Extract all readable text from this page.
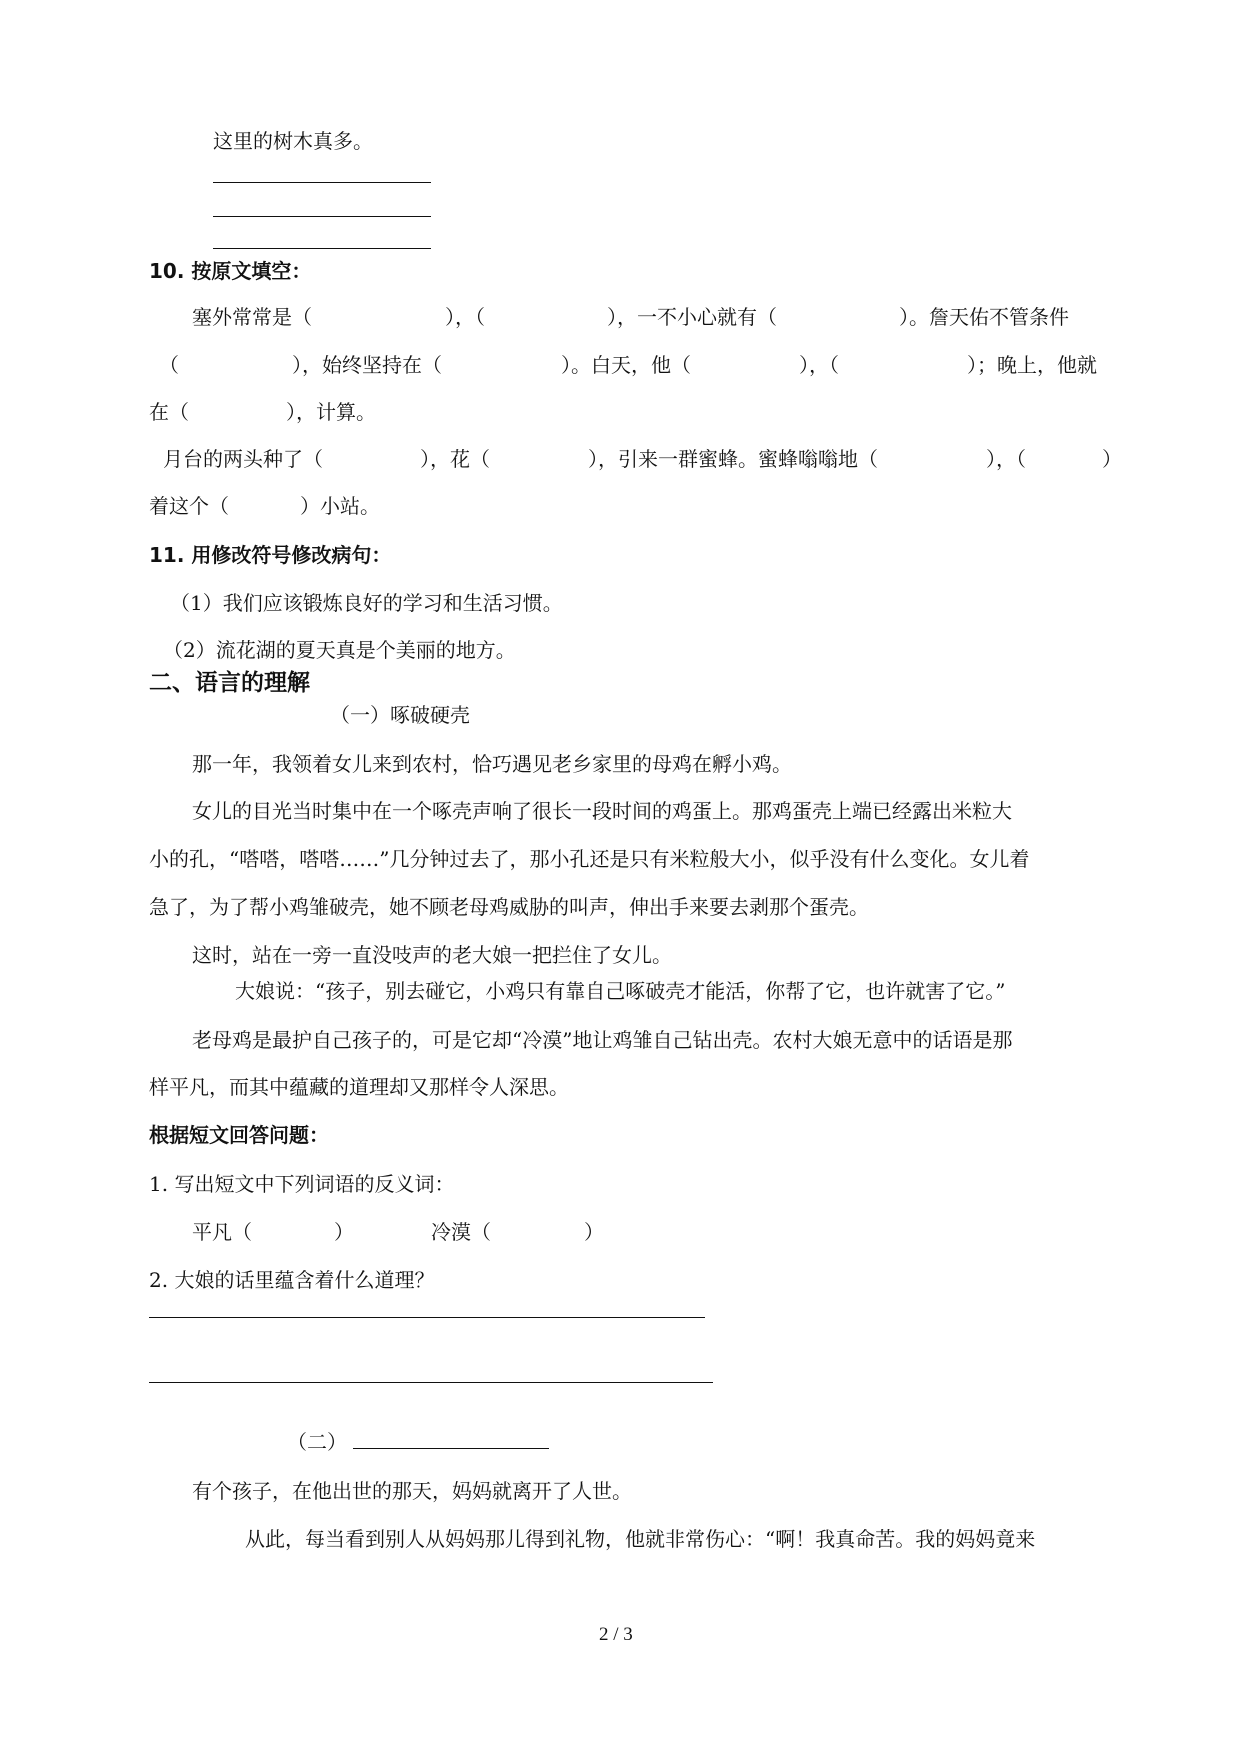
这里的树木真多。
10. 按原文填空：
塞外常常是（	），（	），一不小心就有（	）。詹天佑不管条件
（	），始终坚持在（	）。白天，他（	），（	）；晚上，他就
在（	），计算。
月台的两头种了（	），花（	），引来一群蜜蜂。蜜蜂嗡嗡地（	），（	）
着这个（	）小站。
11. 用修改符号修改病句：
（1）我们应该锻炼良好的学习和生活习惯。
（2）流花湖的夏天真是个美丽的地方。
二、语言的理解
（一）啄破硬壳
那一年，我领着女儿来到农村，恰巧遇见老乡家里的母鸡在孵小鸡。
女儿的目光当时集中在一个啄壳声响了很长一段时间的鸡蛋上。那鸡蛋壳上端已经露出米粒大
小的孔，“嗒嗒，嗒嗒……”几分钟过去了，那小孔还是只有米粒般大小，似乎没有什么变化。女儿着
急了，为了帮小鸡雏破壳，她不顾老母鸡威胁的叫声，伸出手来要去剥那个蛋壳。
这时，站在一旁一直没吱声的老大娘一把拦住了女儿。
大娘说：“孩子，别去碰它，小鸡只有靠自己啄破壳才能活，你帮了它，也许就害了它。”
老母鸡是最护自己孩子的，可是它却“冷漠”地让鸡雏自己钻出壳。农村大娘无意中的话语是那
样平凡，而其中蕴藏的道理却又那样令人深思。
根据短文回答问题：
1. 写出短文中下列词语的反义词：
平凡（	）	冷漠（	）
2. 大娘的话里蕴含着什么道理？
（二）
有个孩子，在他出世的那天，妈妈就离开了人世。
从此，每当看到别人从妈妈那儿得到礼物，他就非常伤心：“啊！我真命苦。我的妈妈竟来
2 / 3
